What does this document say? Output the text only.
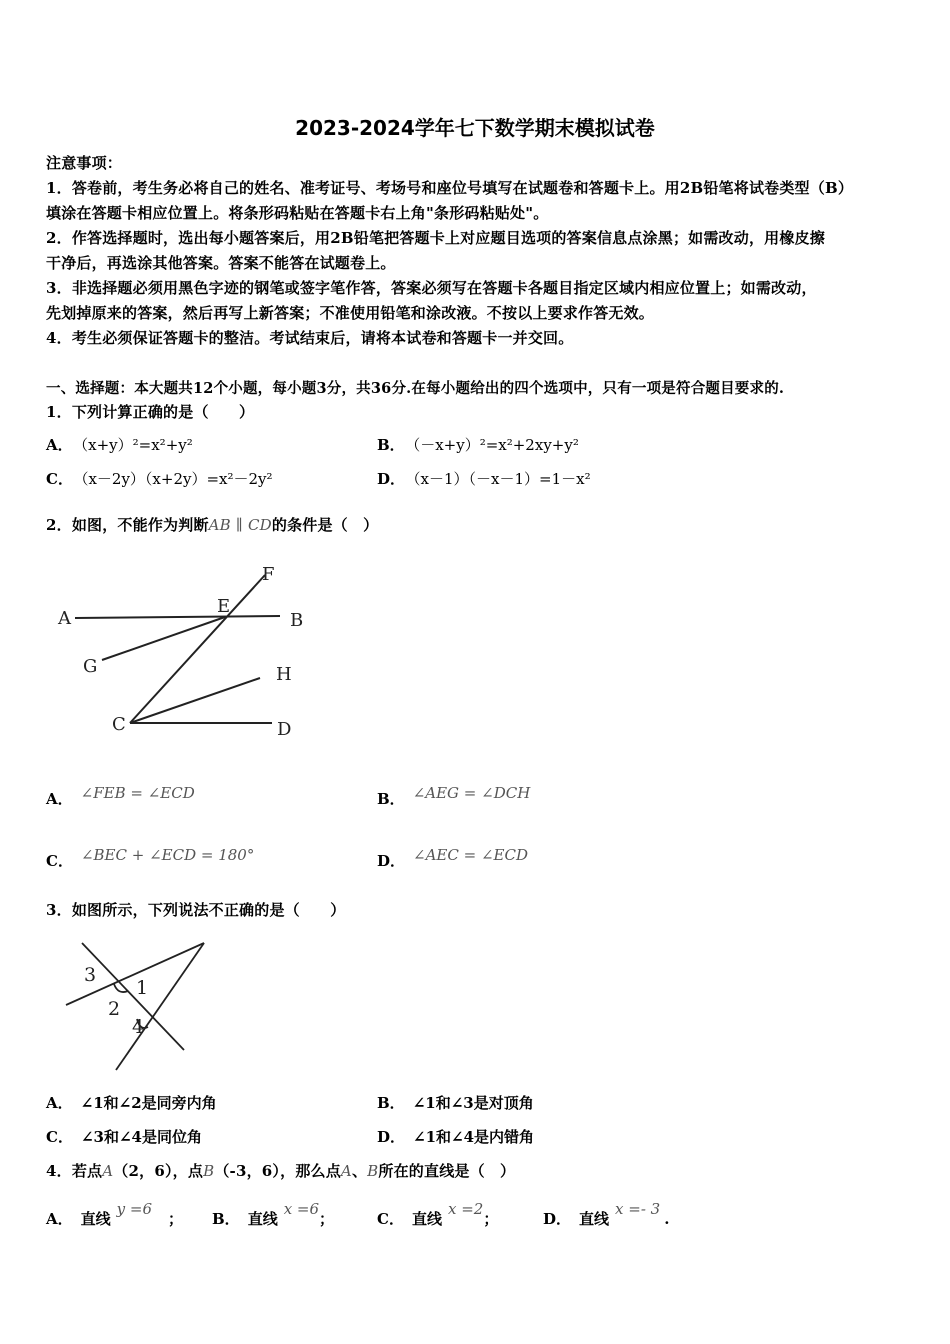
2023-2024学年七下数学期末模拟试卷
注意事项：
1．答卷前，考生务必将自己的姓名、准考证号、考场号和座位号填写在试题卷和答题卡上。用2B铅笔将试卷类型（B）
填涂在答题卡相应位置上。将条形码粘贴在答题卡右上角"条形码粘贴处"。
2．作答选择题时，选出每小题答案后，用2B铅笔把答题卡上对应题目选项的答案信息点涂黑；如需改动，用橡皮擦
干净后，再选涂其他答案。答案不能答在试题卷上。
3．非选择题必须用黑色字迹的钢笔或签字笔作答，答案必须写在答题卡各题目指定区域内相应位置上；如需改动，
先划掉原来的答案，然后再写上新答案；不准使用铅笔和涂改液。不按以上要求作答无效。
4．考生必须保证答题卡的整洁。考试结束后，请将本试卷和答题卡一并交回。
一、选择题：本大题共12个小题，每小题3分，共36分.在每小题给出的四个选项中，只有一项是符合题目要求的.
1．下列计算正确的是（　　）
A． （x+y）²=x²+y²	B． （－x+y）²=x²+2xy+y²
C． （x－2y）（x+2y）=x²－2y²	D． （x－1）（－x－1）=1－x²
2．如图，不能作为判断AB ∥ CD的条件是（　）
A
E
F
B
G	H
C	D
A． ∠FEB = ∠ECD	B． ∠AEG = ∠DCH
C． ∠BEC + ∠ECD = 180°	D． ∠AEC = ∠ECD
3．如图所示，下列说法不正确的是（　　）
3
1
2
4
A． ∠1和∠2是同旁内角	B． ∠1和∠3是对顶角
C． ∠3和∠4是同位角	D． ∠1和∠4是内错角
4．若点A（2，6），点B（-3，6），那么点A、B所在的直线是（　）
A． 直线y =6； B． 直线x =6；	C． 直线x =2；	D． 直线x =- 3.
